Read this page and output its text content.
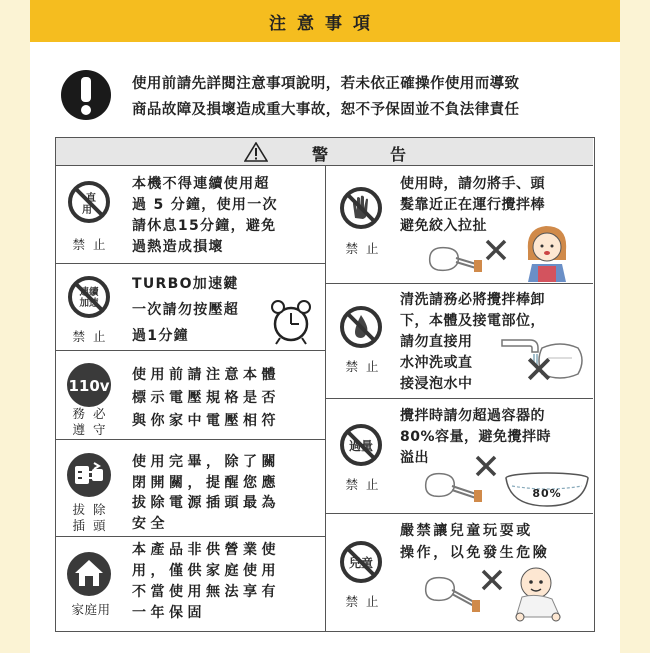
注意事項
使用前請先詳閱注意事項說明，若未依正確操作使用而導致
商品故障及損壞造成重大事故，恕不予保固並不負法律責任
警	告
直
用
禁 止
本機不得連續使用超
過 5 分鐘，使用一次
請休息15分鐘，避免
過熱造成損壞
連續
加速
禁 止
TURBO加速鍵
一次請勿按壓超
過1分鐘
110v
務 必
遵 守
使用前請注意本體
標示電壓規格是否
與你家中電壓相符
拔 除
插 頭
使用完畢，除了關
閉開關，提醒您應
拔除電源插頭最為
安全
家庭用
本產品非供營業使
用，僅供家庭使用
不當使用無法享有
一年保固
禁 止
使用時，請勿將手、頭
髮靠近正在運行攪拌棒
避免絞入拉扯
禁 止
清洗請務必將攪拌棒卸
下，本體及接電部位，
請勿直接用
水沖洗或直
接浸泡水中
過量
禁 止
攪拌時請勿超過容器的
80%容量，避免攪拌時
溢出
80%
兒童
禁 止
嚴禁讓兒童玩耍或
操作，以免發生危險
